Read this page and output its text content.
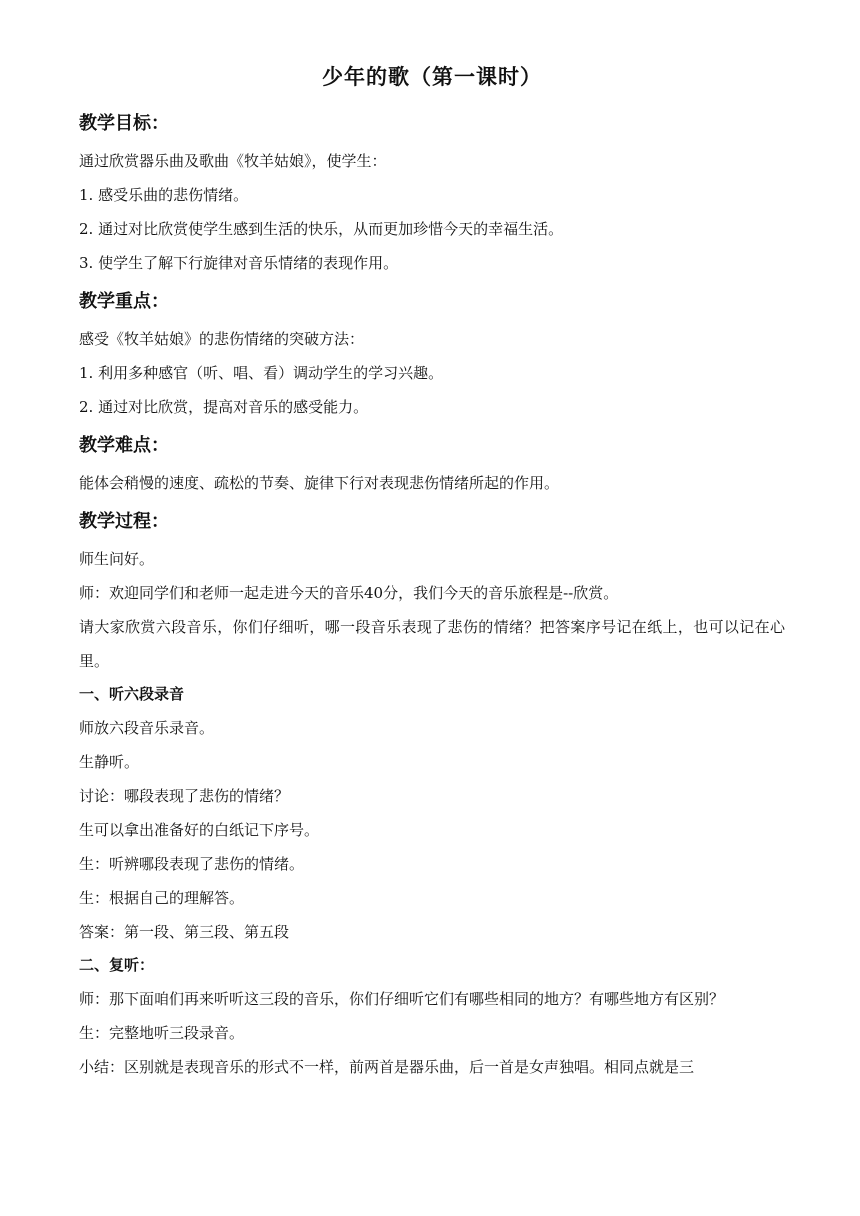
少年的歌（第一课时）
教学目标：

通过欣赏器乐曲及歌曲《牧羊姑娘》，使学生：

1. 感受乐曲的悲伤情绪。

2. 通过对比欣赏使学生感到生活的快乐，从而更加珍惜今天的幸福生活。

3. 使学生了解下行旋律对音乐情绪的表现作用。

教学重点：

感受《牧羊姑娘》的悲伤情绪的突破方法：

1. 利用多种感官（听、唱、看）调动学生的学习兴趣。

2. 通过对比欣赏，提高对音乐的感受能力。

教学难点：

能体会稍慢的速度、疏松的节奏、旋律下行对表现悲伤情绪所起的作用。

教学过程：

师生问好。

师：欢迎同学们和老师一起走进今天的音乐40分，我们今天的音乐旅程是--欣赏。

请大家欣赏六段音乐，你们仔细听，哪一段音乐表现了悲伤的情绪？把答案序号记在纸上，也可以记在心里。

一、听六段录音

师放六段音乐录音。

生静听。

讨论：哪段表现了悲伤的情绪？

生可以拿出准备好的白纸记下序号。

生：听辨哪段表现了悲伤的情绪。

生：根据自己的理解答。

答案：第一段、第三段、第五段

二、复听：

师：那下面咱们再来听听这三段的音乐，你们仔细听它们有哪些相同的地方？有哪些地方有区别？

生：完整地听三段录音。

小结：区别就是表现音乐的形式不一样，前两首是器乐曲，后一首是女声独唱。相同点就是三
